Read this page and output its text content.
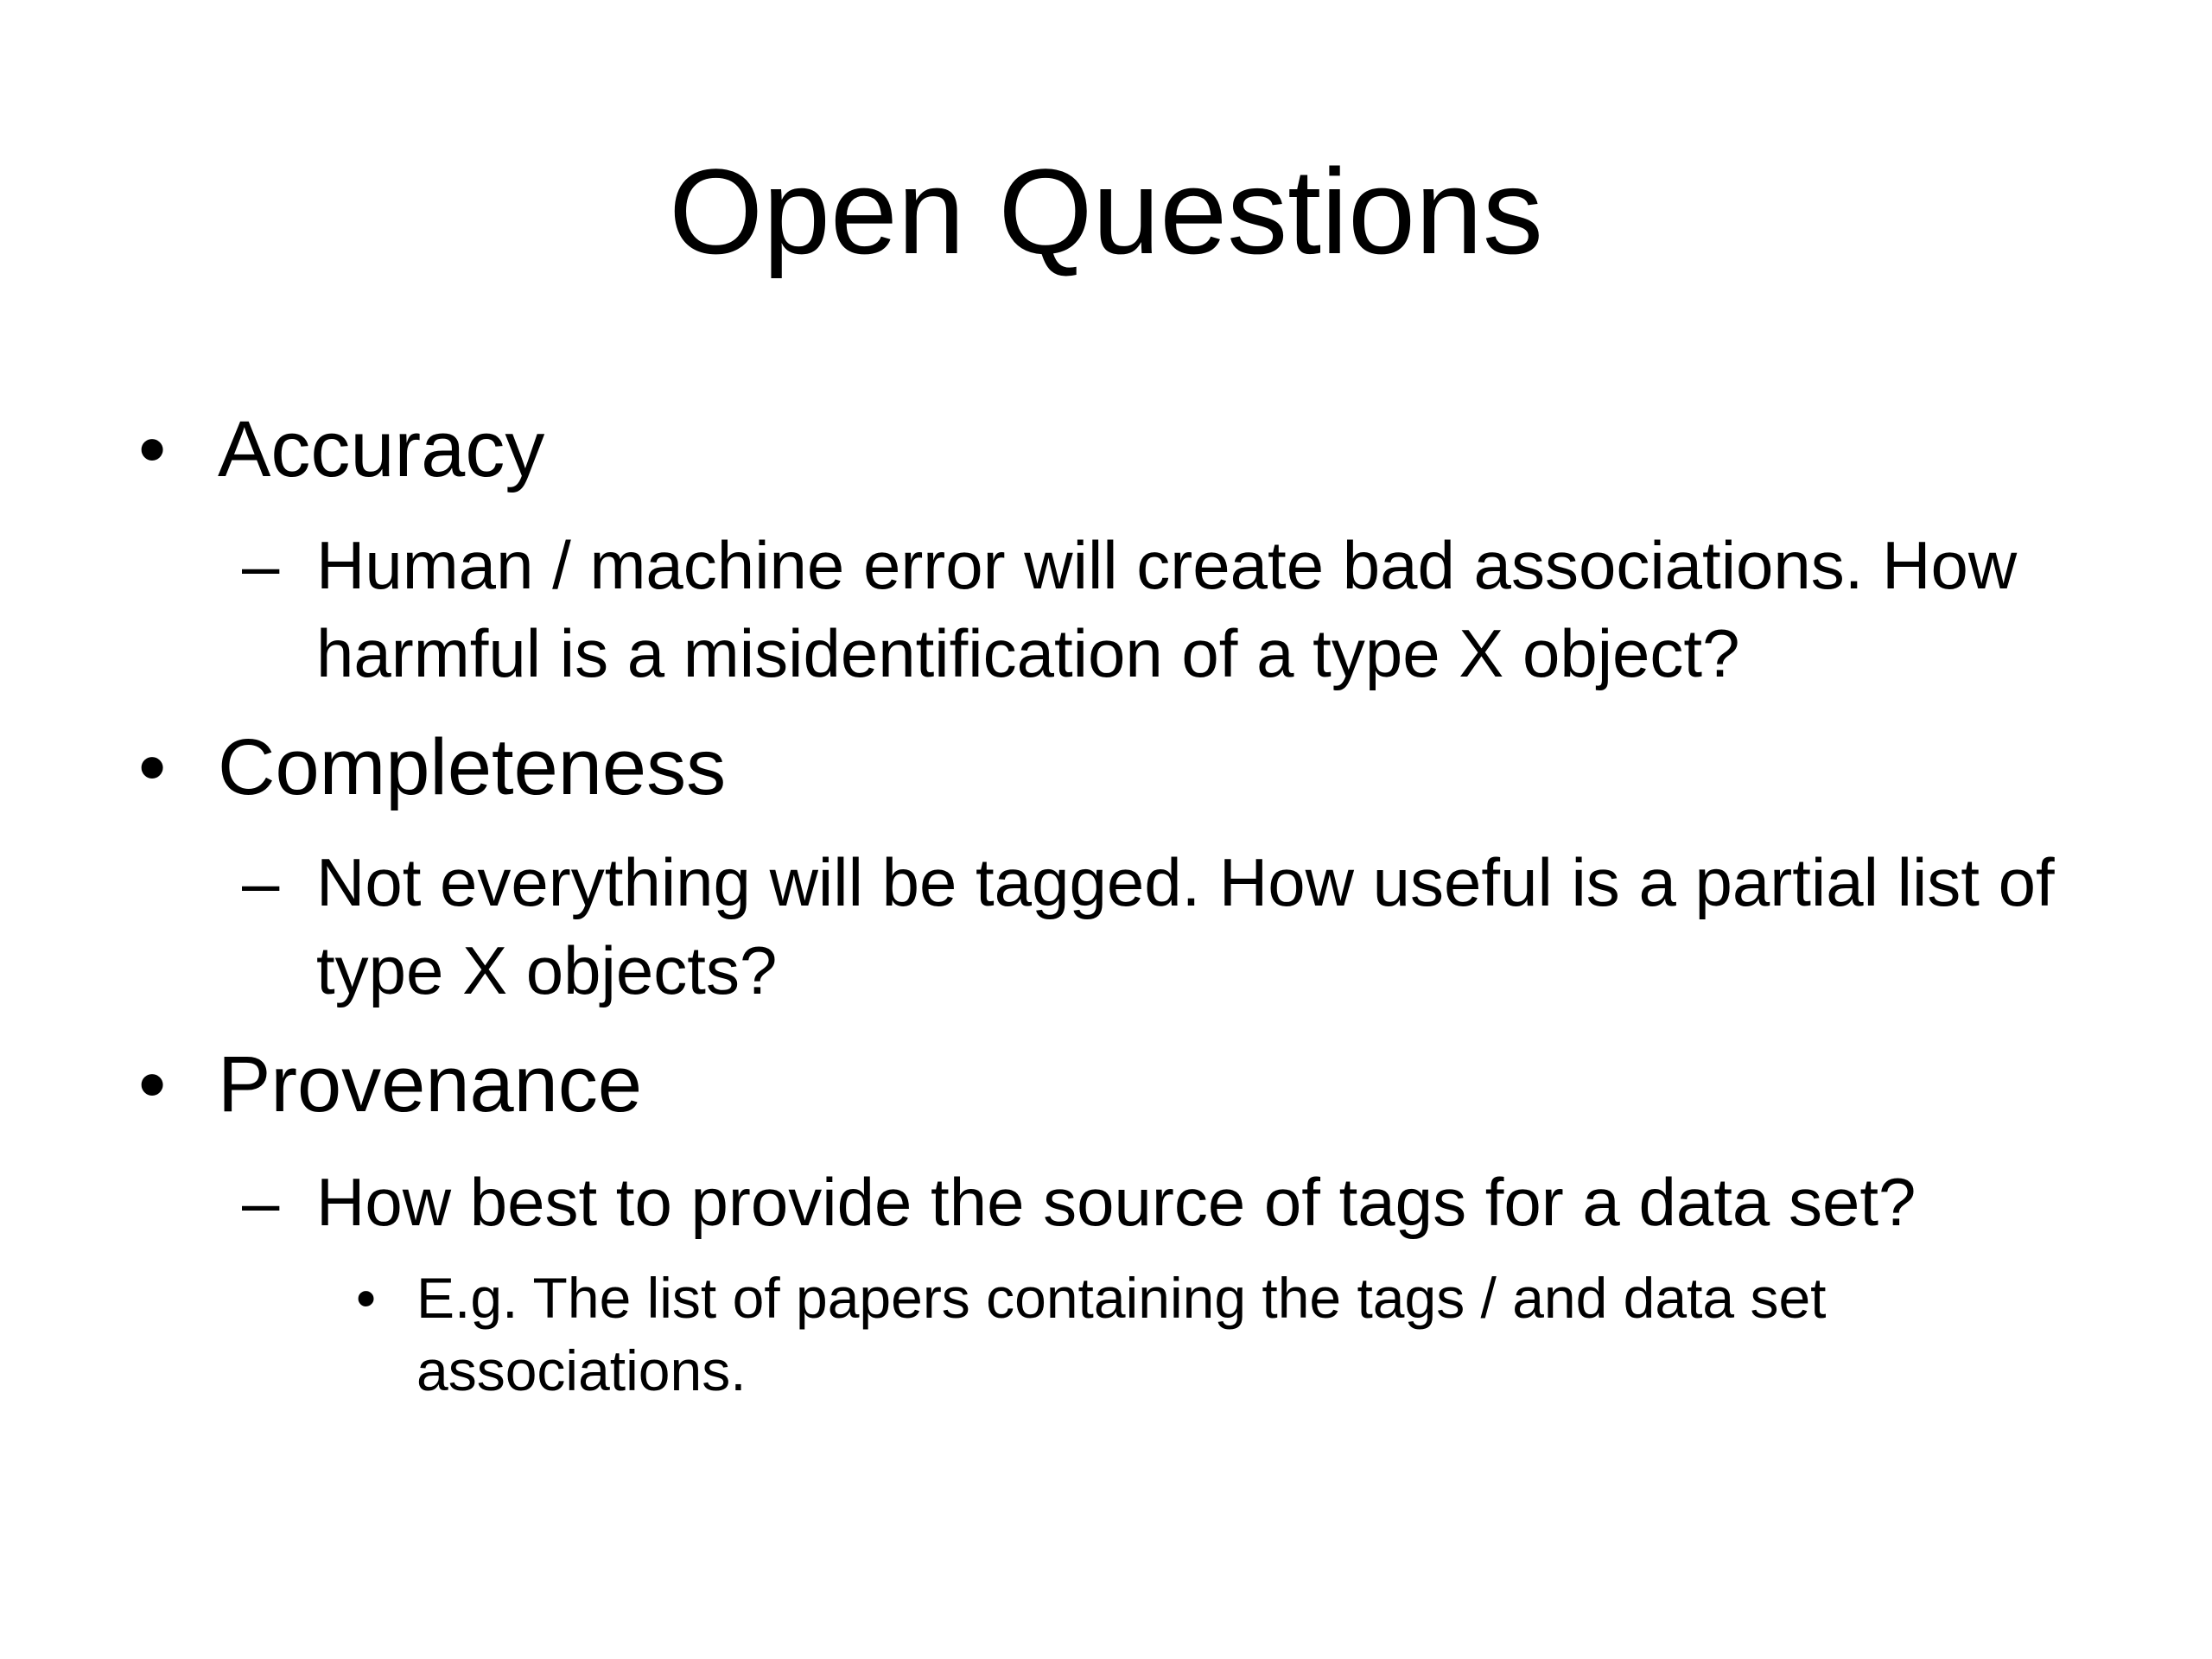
Open Questions
• Accuracy
– Human / machine error will create bad associations. How harmful is a misidentification of a type X object?
• Completeness
– Not everything will be tagged. How useful is a partial list of type X objects?
• Provenance
– How best to provide the source of tags for a data set?
• E.g. The list of papers containing the tags / and data set associations.
